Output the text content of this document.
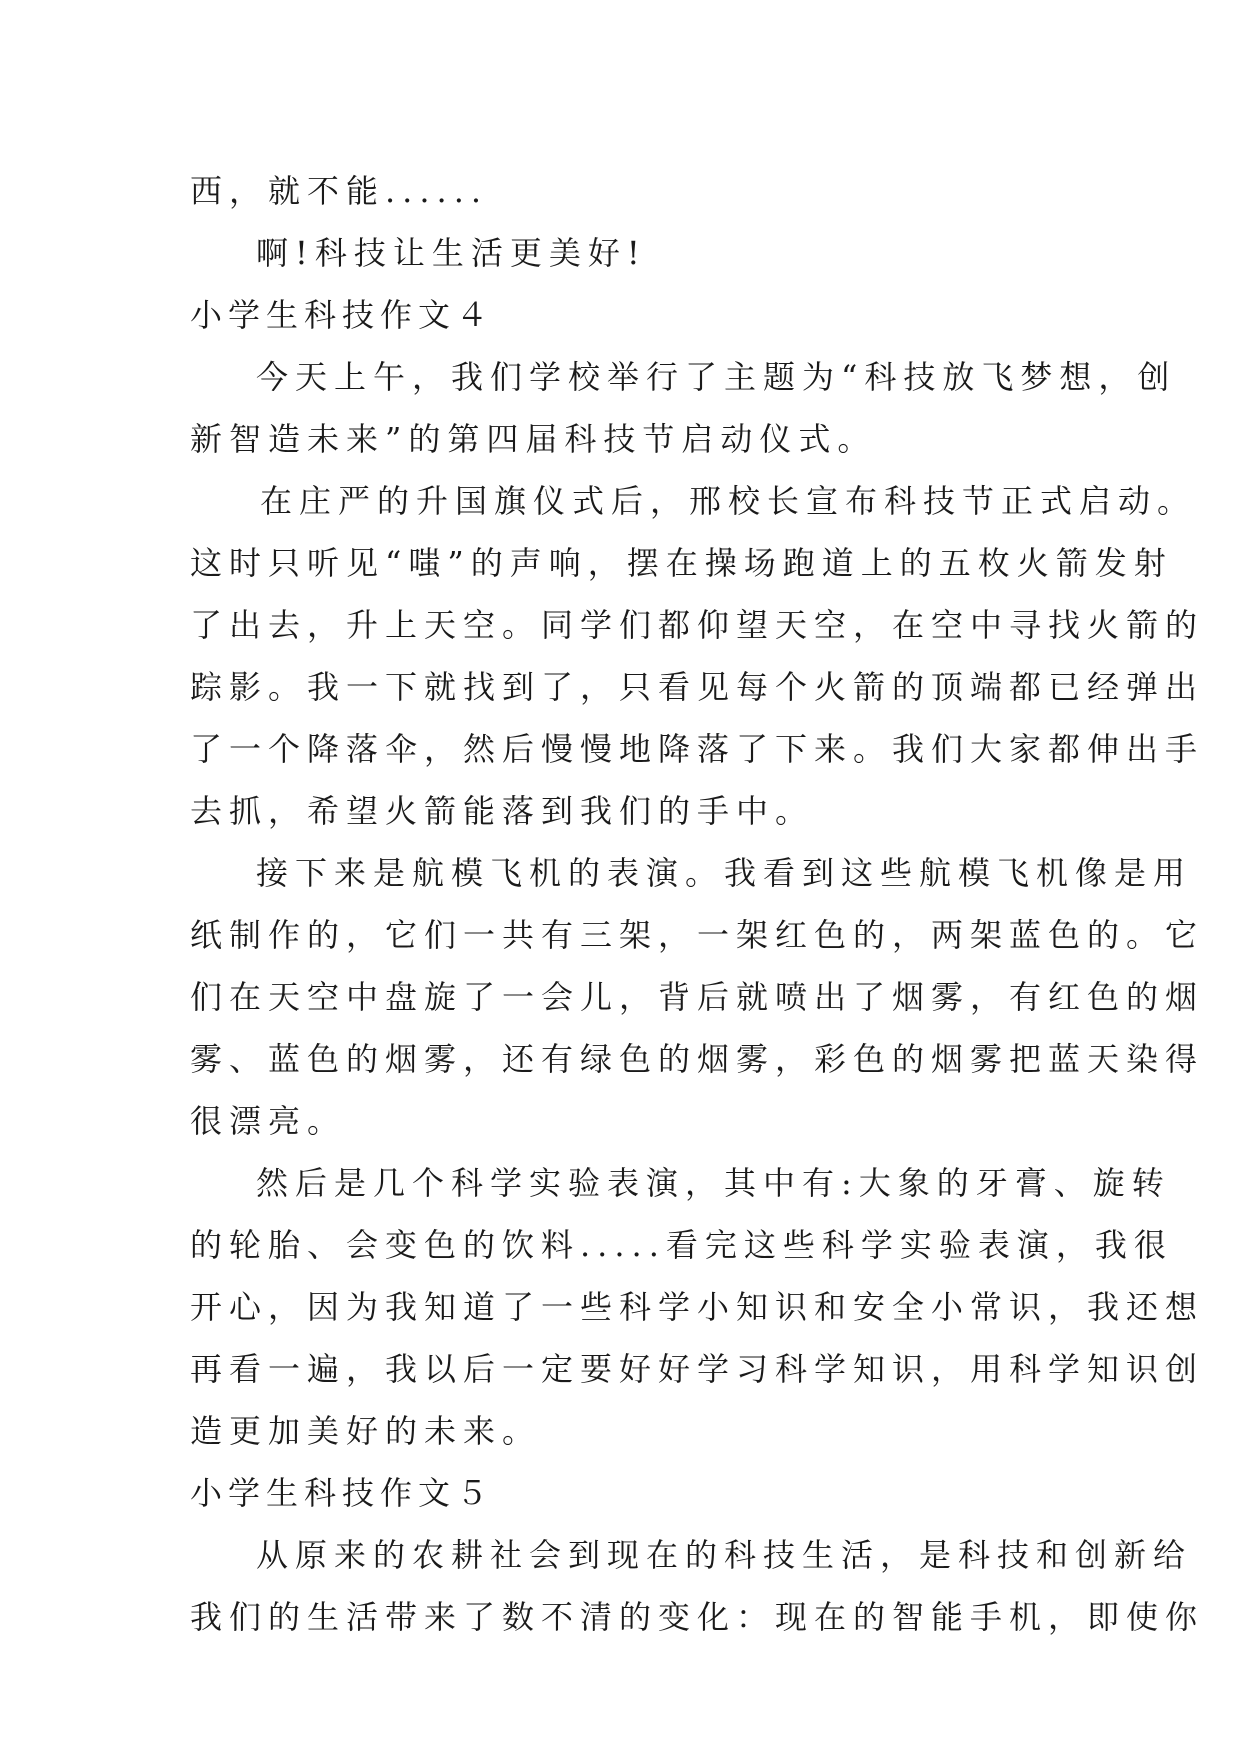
西，就不能......
啊!科技让生活更美好!
小学生科技作文４
今天上午，我们学校举行了主题为“科技放飞梦想，创
新智造未来”的第四届科技节启动仪式。
在庄严的升国旗仪式后，邢校长宣布科技节正式启动。
这时只听见“嗤”的声响，摆在操场跑道上的五枚火箭发射
了出去，升上天空。同学们都仰望天空，在空中寻找火箭的
踪影。我一下就找到了，只看见每个火箭的顶端都已经弹出
了一个降落伞，然后慢慢地降落了下来。我们大家都伸出手
去抓，希望火箭能落到我们的手中。
接下来是航模飞机的表演。我看到这些航模飞机像是用
纸制作的，它们一共有三架，一架红色的，两架蓝色的。它
们在天空中盘旋了一会儿，背后就喷出了烟雾，有红色的烟
雾、蓝色的烟雾，还有绿色的烟雾，彩色的烟雾把蓝天染得
很漂亮。
然后是几个科学实验表演，其中有:大象的牙膏、旋转
的轮胎、会变色的饮料.....看完这些科学实验表演，我很
开心，因为我知道了一些科学小知识和安全小常识，我还想
再看一遍，我以后一定要好好学习科学知识，用科学知识创
造更加美好的未来。
小学生科技作文５
从原来的农耕社会到现在的科技生活，是科技和创新给
我们的生活带来了数不清的变化：现在的智能手机，即使你
